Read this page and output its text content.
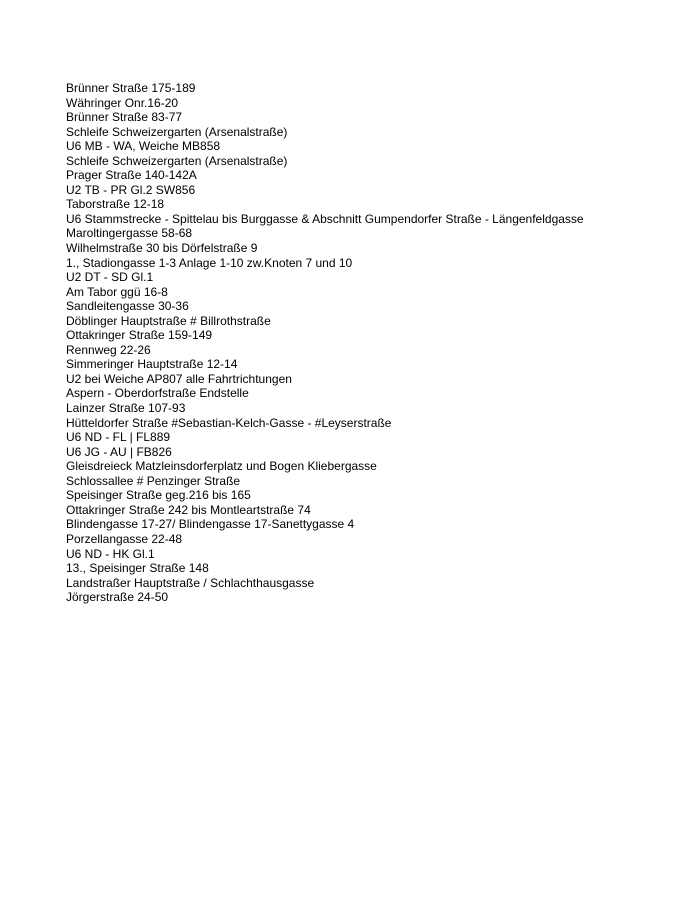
Brünner Straße 175-189
Währinger Onr.16-20
Brünner Straße 83-77
Schleife Schweizergarten (Arsenalstraße)
U6 MB - WA, Weiche MB858
Schleife Schweizergarten (Arsenalstraße)
Prager Straße 140-142A
U2 TB - PR Gl.2 SW856
Taborstraße 12-18
U6 Stammstrecke - Spittelau bis Burggasse & Abschnitt Gumpendorfer Straße - Längenfeldgasse
Maroltingergasse 58-68
Wilhelmstraße 30 bis Dörfelstraße 9
1., Stadiongasse 1-3 Anlage 1-10 zw.Knoten 7 und 10
U2 DT - SD Gl.1
Am Tabor ggü 16-8
Sandleitengasse 30-36
Döblinger Hauptstraße # Billrothstraße
Ottakringer Straße 159-149
Rennweg 22-26
Simmeringer Hauptstraße 12-14
U2 bei Weiche AP807 alle Fahrtrichtungen
Aspern - Oberdorfstraße Endstelle
Lainzer Straße 107-93
Hütteldorfer Straße #Sebastian-Kelch-Gasse - #Leyserstraße
U6 ND - FL | FL889
U6 JG - AU | FB826
Gleisdreieck Matzleinsdorferplatz und Bogen Kliebergasse
Schlossallee # Penzinger Straße
Speisinger Straße geg.216 bis 165
Ottakringer Straße 242 bis Montleartstraße 74
Blindengasse 17-27/ Blindengasse 17-Sanettygasse 4
Porzellangasse 22-48
U6 ND - HK Gl.1
13., Speisinger Straße 148
Landstraßer Hauptstraße / Schlachthausgasse
Jörgerstraße 24-50
